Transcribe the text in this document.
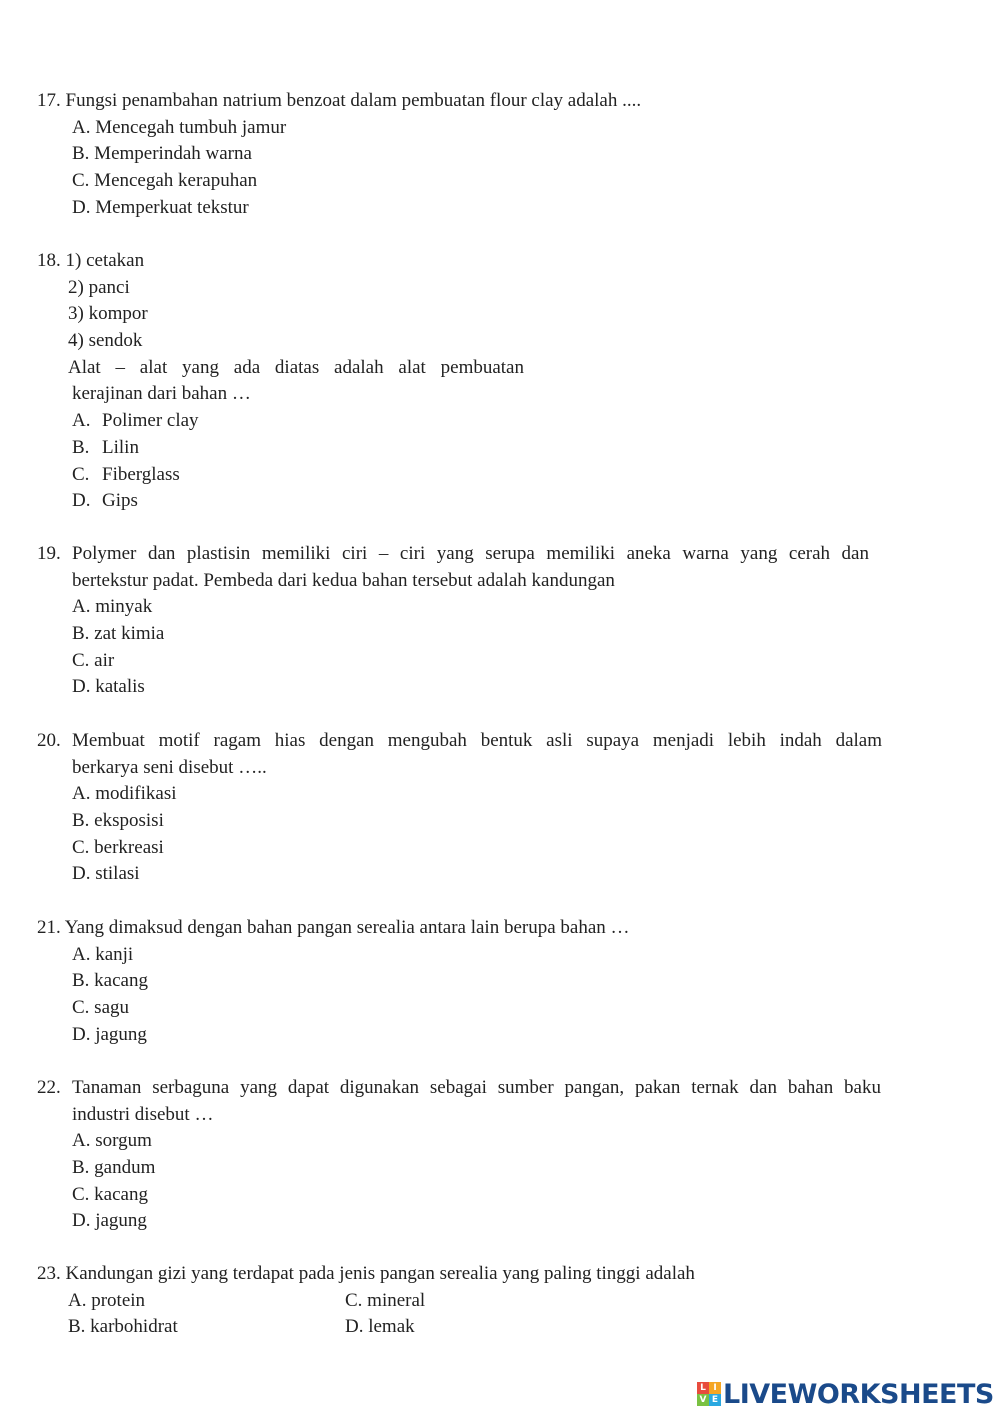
17. Fungsi penambahan natrium benzoat dalam pembuatan flour clay adalah ....
A. Mencegah tumbuh jamur
B. Memperindah warna
C. Mencegah kerapuhan
D. Memperkuat tekstur
18. 1) cetakan
2) panci
3) kompor
4) sendok
Alat – alat yang ada diatas adalah alat pembuatan
kerajinan dari bahan …
A. Polimer clay
B. Lilin
C. Fiberglass
D. Gips
19. Polymer dan plastisin memiliki ciri – ciri yang serupa memiliki aneka warna yang cerah dan
bertekstur padat. Pembeda dari kedua bahan tersebut adalah kandungan
A. minyak
B. zat kimia
C. air
D. katalis
20. Membuat motif ragam hias dengan mengubah bentuk asli supaya menjadi lebih indah dalam
berkarya seni disebut …..
A. modifikasi
B. eksposisi
C. berkreasi
D. stilasi
21. Yang dimaksud dengan bahan pangan serealia antara lain berupa bahan …
A. kanji
B. kacang
C. sagu
D. jagung
22. Tanaman serbaguna yang dapat digunakan sebagai sumber pangan, pakan ternak dan bahan baku
industri disebut …
A. sorgum
B. gandum
C. kacang
D. jagung
23. Kandungan gizi yang terdapat pada jenis pangan serealia yang paling tinggi adalah
A. protein	C. mineral
B. karbohidrat	D. lemak
L I
V E LIVEWORKSHEETS
